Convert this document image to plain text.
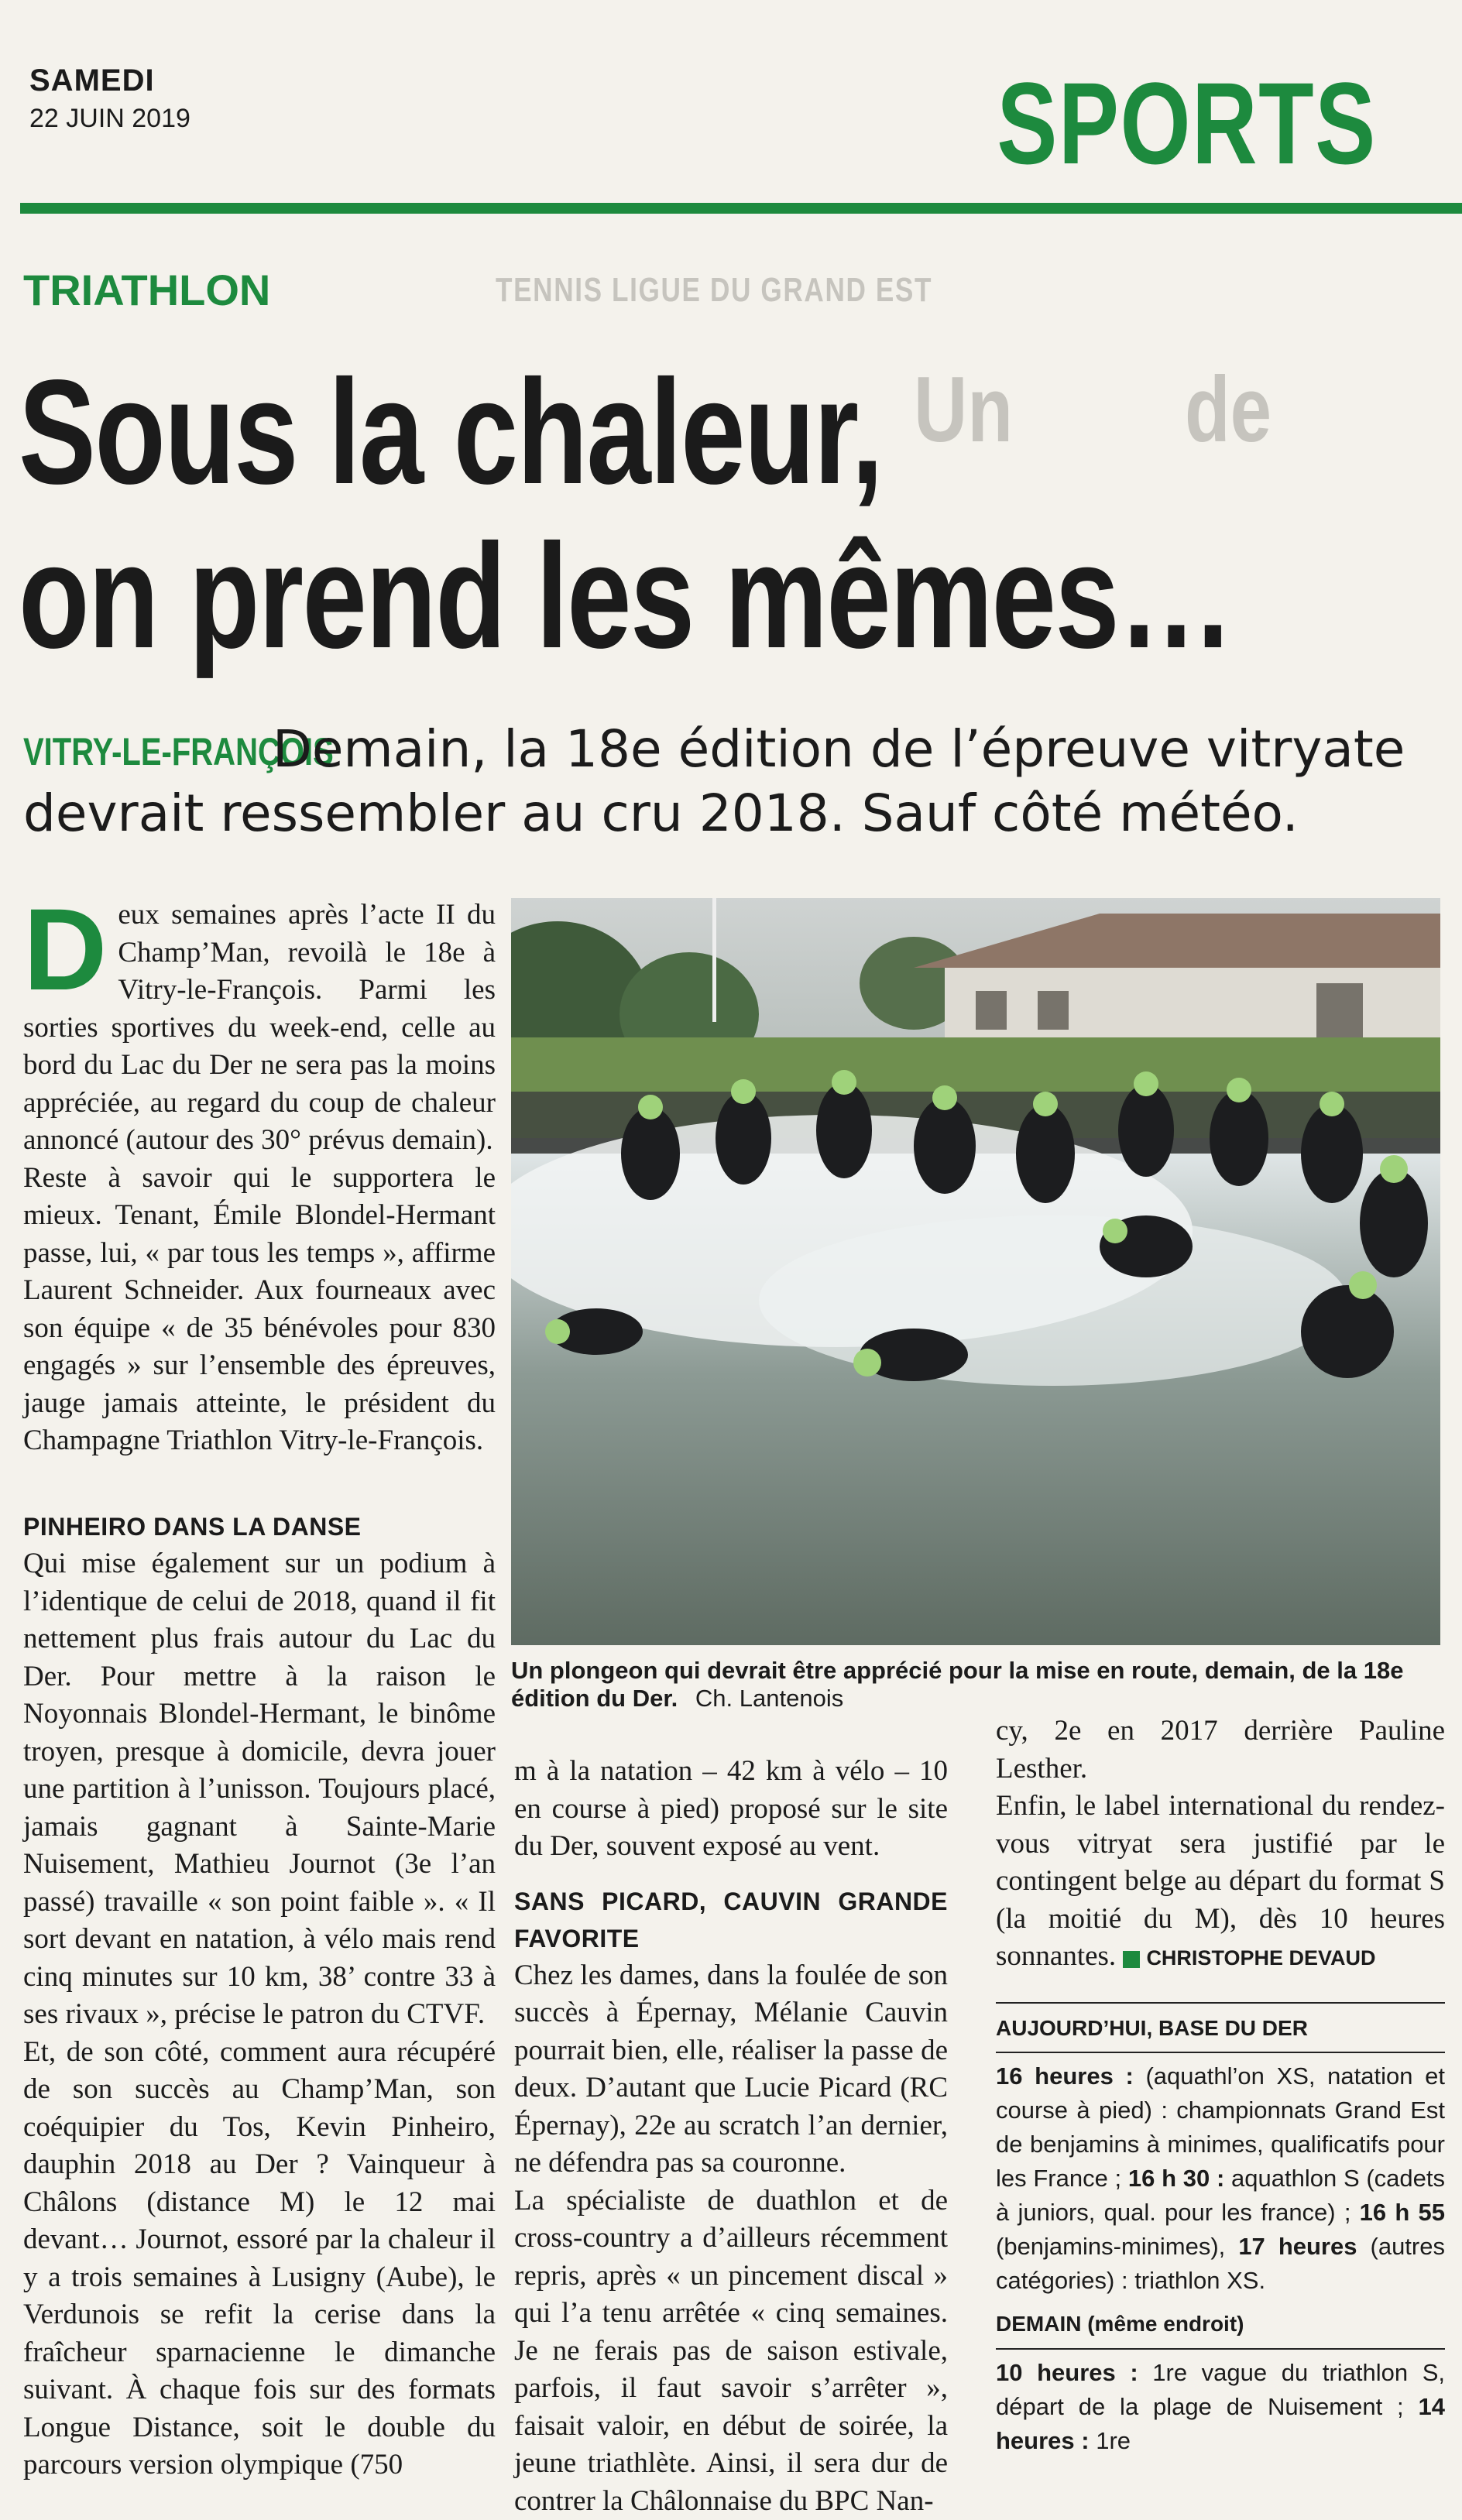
SAMEDI
22 JUIN 2019	SPORTS
TENNIS LIGUE DU GRAND EST
Un de
TRIATHLON
Sous la chaleur,
on prend les mêmes…
VITRY-LE-FRANÇOIS
Demain, la 18e édition de l’épreuve vitryate
devrait ressembler au cru 2018. Sauf côté météo.

Deux semaines après l’acte II du Champ’Man, revoilà le 18e à Vitry-le-François. Parmi les sorties sportives du week-end, celle au bord du Lac du Der ne sera pas la moins appréciée, au regard du coup de chaleur annoncé (autour des 30° prévus demain).

Reste à savoir qui le supportera le mieux. Tenant, Émile Blondel-Hermant passe, lui, « par tous les temps », affirme Laurent Schneider. Aux fourneaux avec son équipe « de 35 bénévoles pour 830 engagés » sur l’ensemble des épreuves, jauge jamais atteinte, le président du Champagne Triathlon Vitry-le-François.

PINHEIRO DANS LA DANSE

Qui mise également sur un podium à l’identique de celui de 2018, quand il fit nettement plus frais autour du Lac du Der. Pour mettre à la raison le Noyonnais Blondel-Hermant, le binôme troyen, presque à domicile, devra jouer une partition à l’unisson. Toujours placé, jamais gagnant à Sainte-Marie Nuisement, Mathieu Journot (3e l’an passé) travaille « son point faible ». « Il sort devant en natation, à vélo mais rend cinq minutes sur 10 km, 38’ contre 33 à ses rivaux », précise le patron du CTVF.

Et, de son côté, comment aura récupéré de son succès au Champ’Man, son coéquipier du Tos, Kevin Pinheiro, dauphin 2018 au Der ? Vainqueur à Châlons (distance M) le 12 mai devant… Journot, essoré par la chaleur il y a trois semaines à Lusigny (Aube), le Verdunois se refit la cerise dans la fraîcheur sparnacienne le dimanche suivant. À chaque fois sur des formats Longue Distance, soit le double du parcours version olympique (750

Un plongeon qui devrait être apprécié pour la mise en route, demain, de la 18e édition du Der. Ch. Lantenois

m à la natation – 42 km à vélo – 10 en course à pied) proposé sur le site du Der, souvent exposé au vent.

SANS PICARD, CAUVIN GRANDE FAVORITE

Chez les dames, dans la foulée de son succès à Épernay, Mélanie Cauvin pourrait bien, elle, réaliser la passe de deux. D’autant que Lucie Picard (RC Épernay), 22e au scratch l’an dernier, ne défendra pas sa couronne.

La spécialiste de duathlon et de cross-country a d’ailleurs récemment repris, après « un pincement discal » qui l’a tenu arrêtée « cinq semaines. Je ne ferais pas de saison estivale, parfois, il faut savoir s’arrêter », faisait valoir, en début de soirée, la jeune triathlète. Ainsi, il sera dur de contrer la Châlonnaise du BPC Nan-

cy, 2e en 2017 derrière Pauline Lesther.

Enfin, le label international du rendez-vous vitryat sera justifié par le contingent belge au départ du format S (la moitié du M), dès 10 heures sonnantes. CHRISTOPHE DEVAUD

AUJOURD’HUI, BASE DU DER
16 heures : (aquathl’on XS, natation et course à pied) : championnats Grand Est de benjamins à minimes, qualificatifs pour les France ; 16 h 30 : aquathlon S (cadets à juniors, qual. pour les france) ; 16 h 55 (benjamins-minimes), 17 heures (autres catégories) : triathlon XS.
DEMAIN (même endroit)
10 heures : 1re vague du triathlon S, départ de la plage de Nuisement ; 14 heures : 1re
